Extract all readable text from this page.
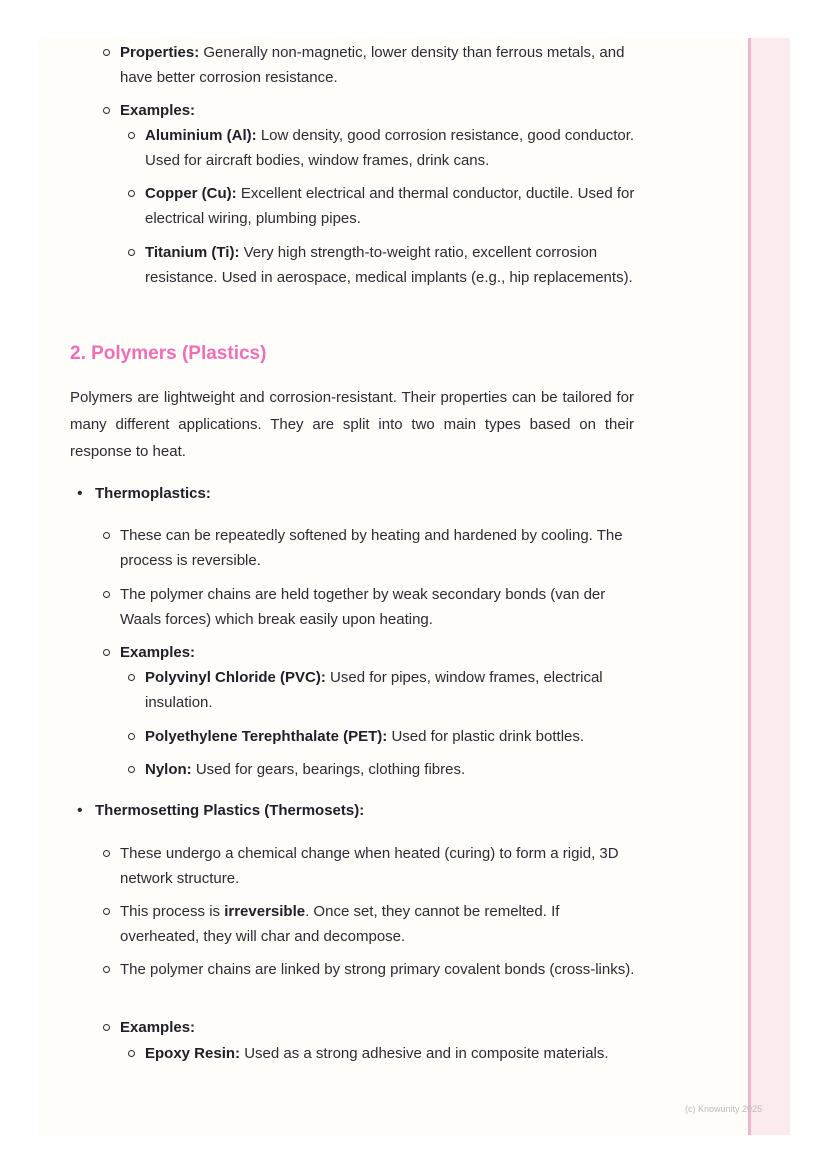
Properties: Generally non-magnetic, lower density than ferrous metals, and have better corrosion resistance.
Examples:
Aluminium (Al): Low density, good corrosion resistance, good conductor. Used for aircraft bodies, window frames, drink cans.
Copper (Cu): Excellent electrical and thermal conductor, ductile. Used for electrical wiring, plumbing pipes.
Titanium (Ti): Very high strength-to-weight ratio, excellent corrosion resistance. Used in aerospace, medical implants (e.g., hip replacements).
2. Polymers (Plastics)
Polymers are lightweight and corrosion-resistant. Their properties can be tailored for many different applications. They are split into two main types based on their response to heat.
• Thermoplastics:
These can be repeatedly softened by heating and hardened by cooling. The process is reversible.
The polymer chains are held together by weak secondary bonds (van der Waals forces) which break easily upon heating.
Examples:
Polyvinyl Chloride (PVC): Used for pipes, window frames, electrical insulation.
Polyethylene Terephthalate (PET): Used for plastic drink bottles.
Nylon: Used for gears, bearings, clothing fibres.
• Thermosetting Plastics (Thermosets):
These undergo a chemical change when heated (curing) to form a rigid, 3D network structure.
This process is irreversible. Once set, they cannot be remelted. If overheated, they will char and decompose.
The polymer chains are linked by strong primary covalent bonds (cross-links).
Examples:
Epoxy Resin: Used as a strong adhesive and in composite materials.
(c) Knowunity 2025
